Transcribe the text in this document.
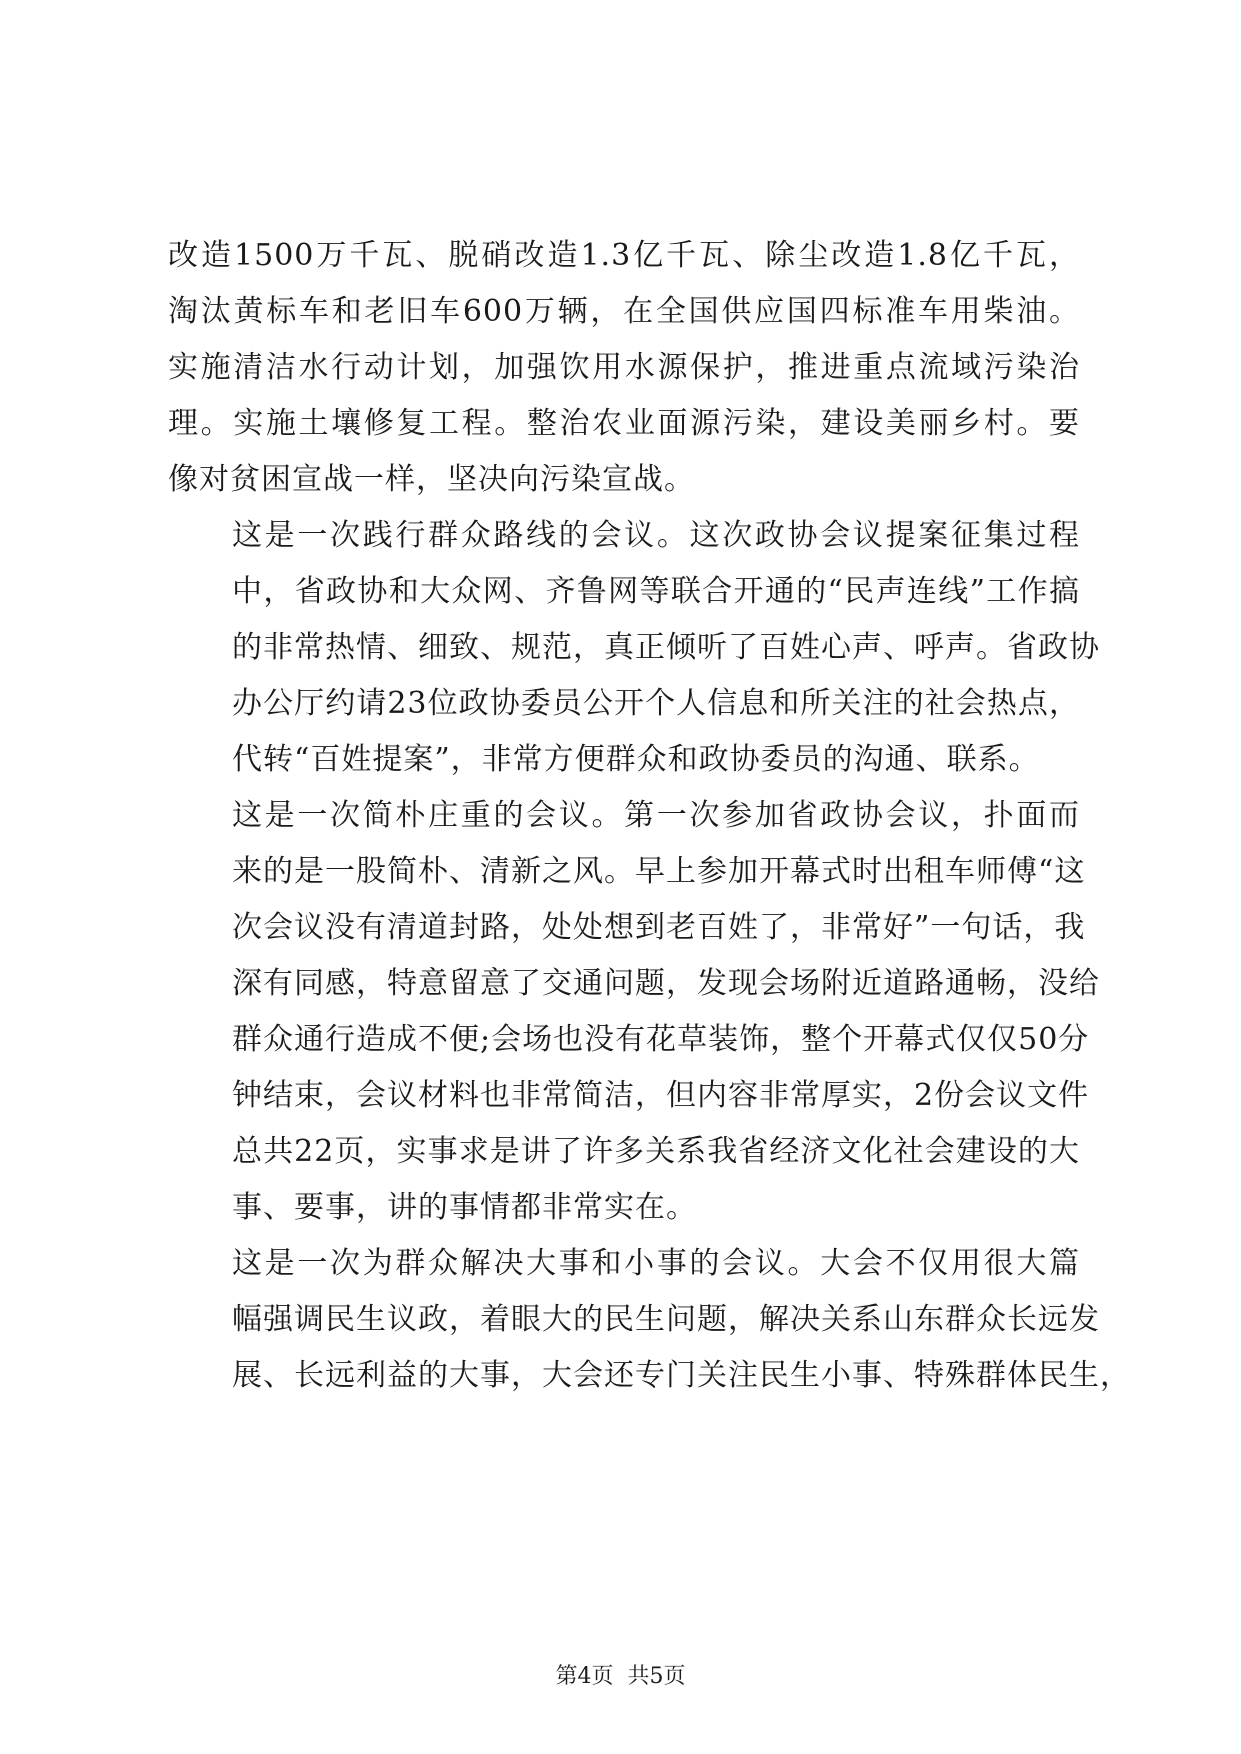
改造1500万千瓦、脱硝改造1.3亿千瓦、除尘改造1.8亿千瓦，
淘汰黄标车和老旧车600万辆，在全国供应国四标准车用柴油。
实施清洁水行动计划，加强饮用水源保护，推进重点流域污染治
理。实施土壤修复工程。整治农业面源污染，建设美丽乡村。要
像对贫困宣战一样，坚决向污染宣战。

这是一次践行群众路线的会议。这次政协会议提案征集过程
中，省政协和大众网、齐鲁网等联合开通的“民声连线”工作搞
的非常热情、细致、规范，真正倾听了百姓心声、呼声。省政协
办公厅约请23位政协委员公开个人信息和所关注的社会热点，
代转“百姓提案”，非常方便群众和政协委员的沟通、联系。

这是一次简朴庄重的会议。第一次参加省政协会议，扑面而
来的是一股简朴、清新之风。早上参加开幕式时出租车师傅“这
次会议没有清道封路，处处想到老百姓了，非常好”一句话，我
深有同感，特意留意了交通问题，发现会场附近道路通畅，没给
群众通行造成不便;会场也没有花草装饰，整个开幕式仅仅50分
钟结束，会议材料也非常简洁，但内容非常厚实，2份会议文件
总共22页，实事求是讲了许多关系我省经济文化社会建设的大
事、要事，讲的事情都非常实在。

这是一次为群众解决大事和小事的会议。大会不仅用很大篇
幅强调民生议政，着眼大的民生问题，解决关系山东群众长远发
展、长远利益的大事，大会还专门关注民生小事、特殊群体民生，

第4页 共5页
